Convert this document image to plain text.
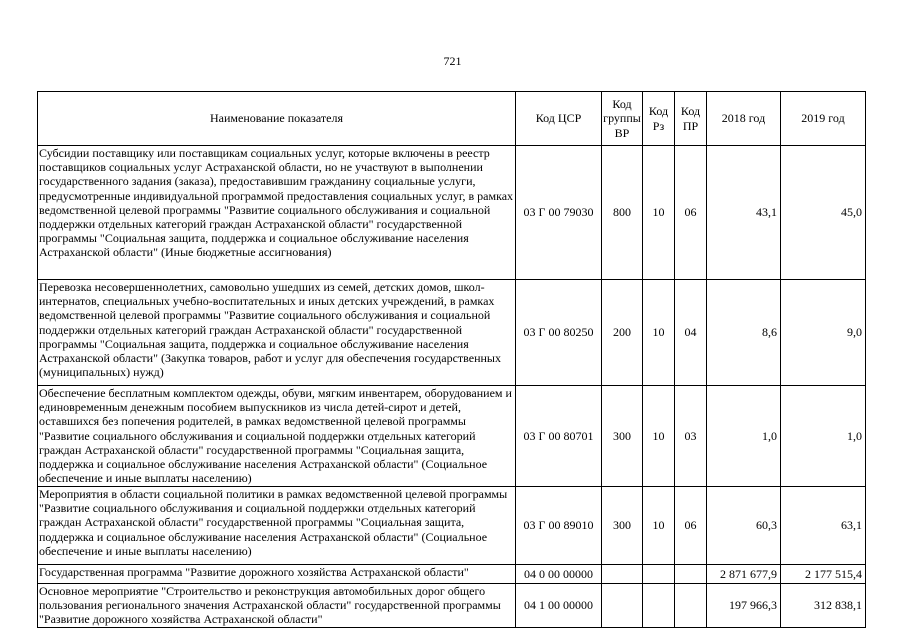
721
Наименование показателя	Код ЦСР	Код группы ВР	Код Рз	Код ПР	2018 год	2019 год
Субсидии поставщику или поставщикам социальных услуг, которые включены в реестр поставщиков социальных услуг Астраханской области, но не участвуют в выполнении государственного задания (заказа), предоставившим гражданину социальные услуги, предусмотренные индивидуальной программой предоставления социальных услуг, в рамках ведомственной целевой программы "Развитие социального обслуживания и социальной поддержки отдельных категорий граждан Астраханской области" государственной программы "Социальная защита, поддержка и социальное обслуживание населения Астраханской области" (Иные бюджетные ассигнования)	03 Г 00 79030	800	10	06	43,1	45,0
Перевозка несовершеннолетних, самовольно ушедших из семей, детских домов, школ-интернатов, специальных учебно-воспитательных и иных детских учреждений, в рамках ведомственной целевой программы "Развитие социального обслуживания и социальной поддержки отдельных категорий граждан Астраханской области" государственной программы "Социальная защита, поддержка и социальное обслуживание населения Астраханской области" (Закупка товаров, работ и услуг для обеспечения государственных (муниципальных) нужд)	03 Г 00 80250	200	10	04	8,6	9,0
Обеспечение бесплатным комплектом одежды, обуви, мягким инвентарем, оборудованием и единовременным денежным пособием выпускников из числа детей-сирот и детей, оставшихся без попечения родителей, в рамках ведомственной целевой программы "Развитие социального обслуживания и социальной поддержки отдельных категорий граждан Астраханской области" государственной программы "Социальная защита, поддержка и социальное обслуживание населения Астраханской области" (Социальное обеспечение и иные выплаты населению)	03 Г 00 80701	300	10	03	1,0	1,0
Мероприятия в области социальной политики в рамках ведомственной целевой программы "Развитие социального обслуживания и социальной поддержки отдельных категорий граждан Астраханской области" государственной программы "Социальная защита, поддержка и социальное обслуживание населения Астраханской области" (Социальное обеспечение и иные выплаты населению)	03 Г 00 89010	300	10	06	60,3	63,1
Государственная программа "Развитие дорожного хозяйства Астраханской области"	04 0 00 00000				2 871 677,9	2 177 515,4
Основное мероприятие "Строительство и реконструкция автомобильных дорог общего пользования регионального значения Астраханской области" государственной программы "Развитие дорожного хозяйства Астраханской области"	04 1 00 00000				197 966,3	312 838,1
